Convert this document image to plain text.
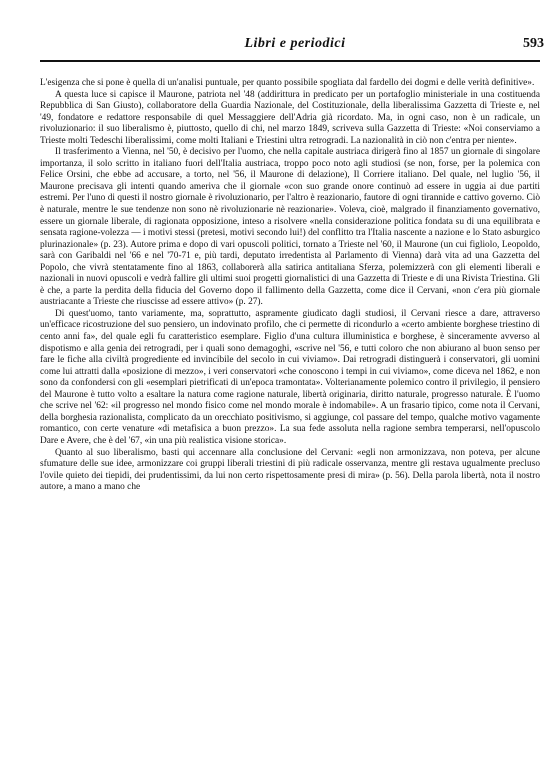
Libri e periodici	593

L'esigenza che si pone è quella di un'analisi puntuale, per quanto possibile spogliata dal fardello dei dogmi e delle verità definitive».

A questa luce si capisce il Maurone, patriota nel '48 (addirittura in predicato per un portafoglio ministeriale in una costituenda Repubblica di San Giusto), collaboratore della Guardia Nazionale, del Costituzionale, della liberalissima Gazzetta di Trieste e, nel '49, fondatore e redattore responsabile di quel Messaggiere dell'Adria già ricordato. Ma, in ogni caso, non è un radicale, un rivoluzionario: il suo liberalismo è, piuttosto, quello di chi, nel marzo 1849, scriveva sulla Gazzetta di Trieste: «Noi conserviamo a Trieste molti Tedeschi liberalissimi, come molti Italiani e Triestini ultra retrogradi. La nazionalità in ciò non c'entra per niente».

Il trasferimento a Vienna, nel '50, è decisivo per l'uomo, che nella capitale austriaca dirigerà fino al 1857 un giornale di singolare importanza, il solo scritto in italiano fuori dell'Italia austriaca, troppo poco noto agli studiosi (se non, forse, per la polemica con Felice Orsini, che ebbe ad accusare, a torto, nel '56, il Maurone di delazione), Il Corriere italiano. Del quale, nel luglio '56, il Maurone precisava gli intenti quando ameriva che il giornale «con suo grande onore continuò ad essere in uggia ai due partiti estremi. Per l'uno di questi il nostro giornale è rivoluzionario, per l'altro è reazionario, fautore di ogni tirannide e cattivo governo. Ciò è naturale, mentre le sue tendenze non sono nè rivoluzionarie nè reazionarie». Voleva, cioè, malgrado il finanziamento governativo, essere un giornale liberale, di ragionata opposizione, inteso a risolvere «nella considerazione politica fondata su di una equilibrata e sensata ragione-volezza — i motivi stessi (pretesi, motivi secondo lui!) del conflitto tra l'Italia nascente a nazione e lo Stato asburgico plurinazionale» (p. 23). Autore prima e dopo di vari opuscoli politici, tornato a Trieste nel '60, il Maurone (un cui figliolo, Leopoldo, sarà con Garibaldi nel '66 e nel '70-71 e, più tardi, deputato irredentista al Parlamento di Vienna) darà vita ad una Gazzetta del Popolo, che vivrà stentatamente fino al 1863, collaborerà alla satirica antitaliana Sferza, polemizzerà con gli elementi liberali e nazionali in nuovi opuscoli e vedrà fallire gli ultimi suoi progetti giornalistici di una Gazzetta di Trieste e di una Rivista Triestina. Gli è che, a parte la perdita della fiducia del Governo dopo il fallimento della Gazzetta, come dice il Cervani, «non c'era più giornale austriacante a Trieste che riuscisse ad essere attivo» (p. 27).

Di quest'uomo, tanto variamente, ma, soprattutto, aspramente giudicato dagli studiosi, il Cervani riesce a dare, attraverso un'efficace ricostruzione del suo pensiero, un indovinato profilo, che ci permette di ricondurlo a «certo ambiente borghese triestino di cento anni fa», del quale egli fu caratteristico esemplare. Figlio d'una cultura illuministica e borghese, è sinceramente avverso al dispotismo e alla genia dei retrogradi, per i quali sono demagoghi, «scrive nel '56, e tutti coloro che non abiurano al buon senso per fare le fiche alla civiltà progrediente ed invincibile del secolo in cui viviamo». Dai retrogradi distinguerà i conservatori, gli uomini come lui attratti dalla «posizione di mezzo», i veri conservatori «che conoscono i tempi in cui viviamo», come diceva nel 1862, e non sono da confondersi con gli «esemplari pietrificati di un'epoca tramontata». Volterianamente polemico contro il privilegio, il pensiero del Maurone è tutto volto a esaltare la natura come ragione naturale, libertà originaria, diritto naturale, progresso naturale. È l'uomo che scrive nel '62: «il progresso nel mondo fisico come nel mondo morale è indomabile». A un frasario tipico, come nota il Cervani, della borghesia razionalista, complicato da un orecchiato positivismo, si aggiunge, col passare del tempo, qualche motivo vagamente romantico, con certe venature «di metafisica a buon prezzo». La sua fede assoluta nella ragione sembra temperarsi, nell'opuscolo Dare e Avere, che è del '67, «in una più realistica visione storica».

Quanto al suo liberalismo, basti qui accennare alla conclusione del Cervani: «egli non armonizzava, non poteva, per alcune sfumature delle sue idee, armonizzare coi gruppi liberali triestini di più radicale osservanza, mentre gli restava ugualmente precluso l'ovile quieto dei tiepidi, dei prudentissimi, da lui non certo rispettosamente presi di mira» (p. 56). Della parola libertà, nota il nostro autore, a mano a mano che
